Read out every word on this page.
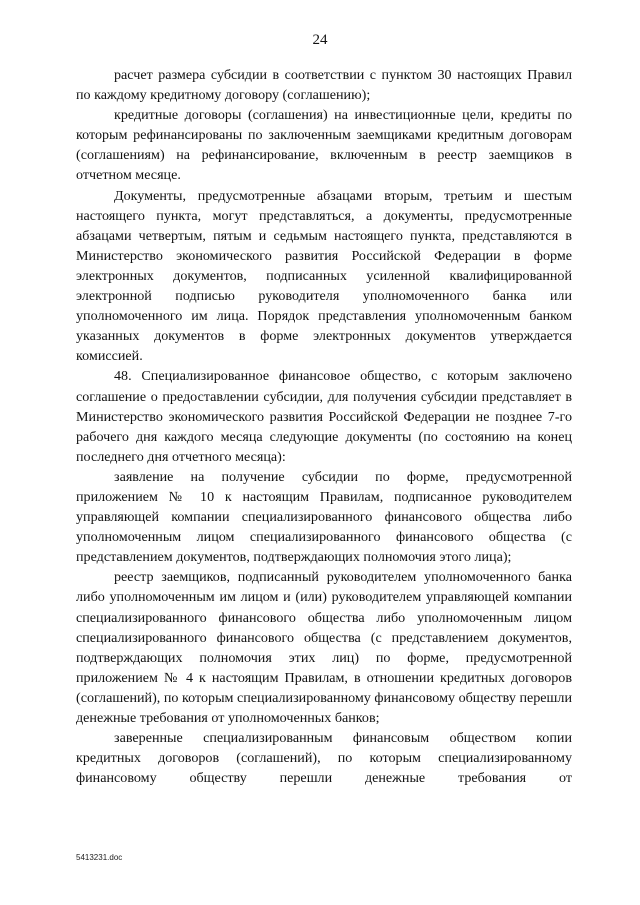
24

расчет размера субсидии в соответствии с пунктом 30 настоящих Правил по каждому кредитному договору (соглашению);

кредитные договоры (соглашения) на инвестиционные цели, кредиты по которым рефинансированы по заключенным заемщиками кредитным договорам (соглашениям) на рефинансирование, включенным в реестр заемщиков в отчетном месяце.

Документы, предусмотренные абзацами вторым, третьим и шестым настоящего пункта, могут представляться, а документы, предусмотренные абзацами четвертым, пятым и седьмым настоящего пункта, представляются в Министерство экономического развития Российской Федерации в форме электронных документов, подписанных усиленной квалифицированной электронной подписью руководителя уполномоченного банка или уполномоченного им лица. Порядок представления уполномоченным банком указанных документов в форме электронных документов утверждается комиссией.

48. Специализированное финансовое общество, с которым заключено соглашение о предоставлении субсидии, для получения субсидии представляет в Министерство экономического развития Российской Федерации не позднее 7-го рабочего дня каждого месяца следующие документы (по состоянию на конец последнего дня отчетного месяца):

заявление на получение субсидии по форме, предусмотренной приложением № 10 к настоящим Правилам, подписанное руководителем управляющей компании специализированного финансового общества либо уполномоченным лицом специализированного финансового общества (с представлением документов, подтверждающих полномочия этого лица);

реестр заемщиков, подписанный руководителем уполномоченного банка либо уполномоченным им лицом и (или) руководителем управляющей компании специализированного финансового общества либо уполномоченным лицом специализированного финансового общества (с представлением документов, подтверждающих полномочия этих лиц) по форме, предусмотренной приложением № 4 к настоящим Правилам, в отношении кредитных договоров (соглашений), по которым специализированному финансовому обществу перешли денежные требования от уполномоченных банков;

заверенные специализированным финансовым обществом копии кредитных договоров (соглашений), по которым специализированному финансовому обществу перешли денежные требования от

5413231.doc
